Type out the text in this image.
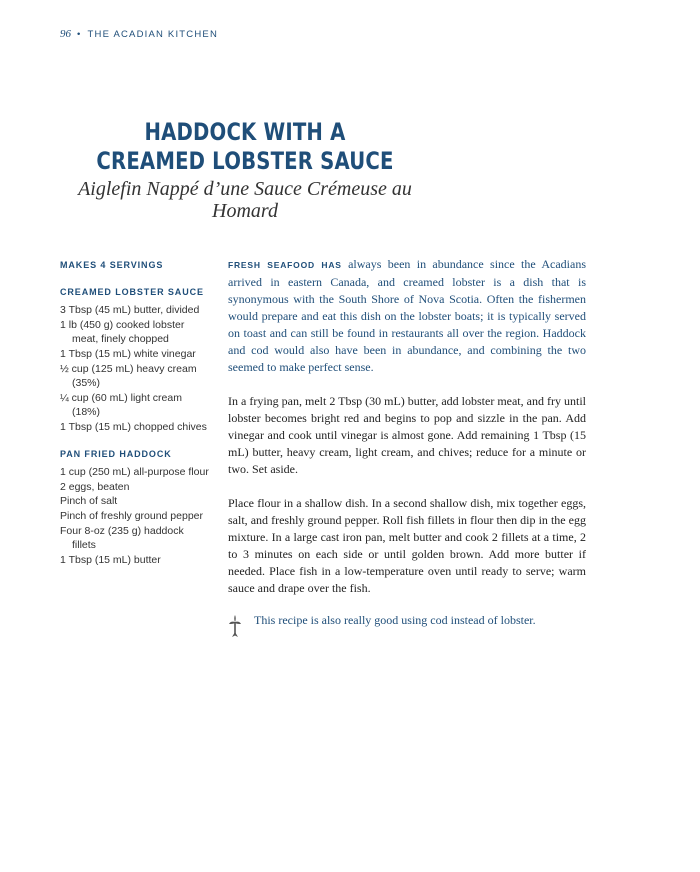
96 • THE ACADIAN KITCHEN
HADDOCK WITH A CREAMED LOBSTER SAUCE

Aiglefin Nappé d’une Sauce Crémeuse au Homard

MAKES 4 SERVINGS

CREAMED LOBSTER SAUCE

3 Tbsp (45 mL) butter, divided
1 lb (450 g) cooked lobster meat, finely chopped
1 Tbsp (15 mL) white vinegar
½ cup (125 mL) heavy cream (35%)
¼ cup (60 mL) light cream (18%)
1 Tbsp (15 mL) chopped chives

PAN FRIED HADDOCK

1 cup (250 mL) all-purpose flour
2 eggs, beaten
Pinch of salt
Pinch of freshly ground pepper
Four 8-oz (235 g) haddock fillets
1 Tbsp (15 mL) butter

FRESH SEAFOOD HAS always been in abundance since the Acadians arrived in eastern Canada, and creamed lobster is a dish that is synonymous with the South Shore of Nova Scotia. Often the fishermen would prepare and eat this dish on the lobster boats; it is typically served on toast and can still be found in restaurants all over the region. Haddock and cod would also have been in abundance, and combining the two seemed to make perfect sense.

In a frying pan, melt 2 Tbsp (30 mL) butter, add lobster meat, and fry until lobster becomes bright red and begins to pop and sizzle in the pan. Add vinegar and cook until vinegar is almost gone. Add remaining 1 Tbsp (15 mL) butter, heavy cream, light cream, and chives; reduce for a minute or two. Set aside.

Place flour in a shallow dish. In a second shallow dish, mix together eggs, salt, and freshly ground pepper. Roll fish fillets in flour then dip in the egg mixture. In a large cast iron pan, melt butter and cook 2 fillets at a time, 2 to 3 minutes on each side or until golden brown. Add more butter if needed. Place fish in a low-temperature oven until ready to serve; warm sauce and drape over the fish.

This recipe is also really good using cod instead of lobster.
